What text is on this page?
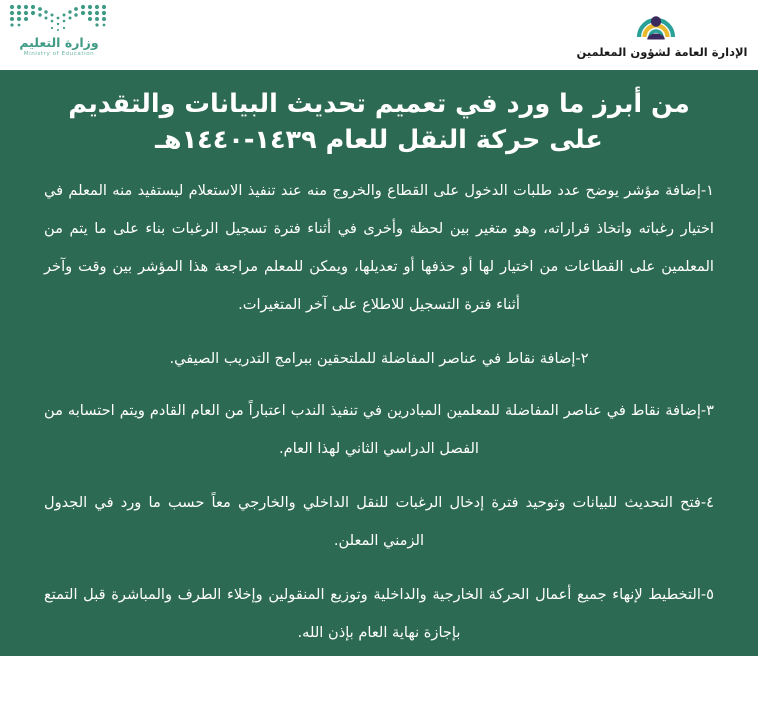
وزارة التعليم
Ministry of Education	الإدارة العامة لشؤون المعلمين
من أبرز ما ورد في تعميم تحديث البيانات والتقديم على حركة النقل للعام ١٤٣٩-١٤٤٠هـ

١-إضافة مؤشر يوضح عدد طلبات الدخول على القطاع والخروج منه عند تنفيذ الاستعلام ليستفيد منه المعلم في اختيار رغباته واتخاذ قراراته، وهو متغير بين لحظة وأخرى في أثناء فترة تسجيل الرغبات بناء على ما يتم من المعلمين على القطاعات من اختيار لها أو حذفها أو تعديلها، ويمكن للمعلم مراجعة هذا المؤشر بين وقت وآخر أثناء فترة التسجيل للاطلاع على آخر المتغيرات.

٢-إضافة نقاط في عناصر المفاضلة للملتحقين ببرامج التدريب الصيفي.

٣-إضافة نقاط في عناصر المفاضلة للمعلمين المبادرين في تنفيذ الندب اعتباراً من العام القادم ويتم احتسابه من الفصل الدراسي الثاني لهذا العام.

٤-فتح التحديث للبيانات وتوحيد فترة إدخال الرغبات للنقل الداخلي والخارجي معاً حسب ما ورد في الجدول الزمني المعلن.

٥-التخطيط لإنهاء جميع أعمال الحركة الخارجية والداخلية وتوزيع المنقولين وإخلاء الطرف والمباشرة قبل التمتع بإجازة نهاية العام بإذن الله.

٦-ترحب الوزارة بالمقترحات التطويرية لتحديث البيانات وحركة النقل في جميع إجراءاتها.
